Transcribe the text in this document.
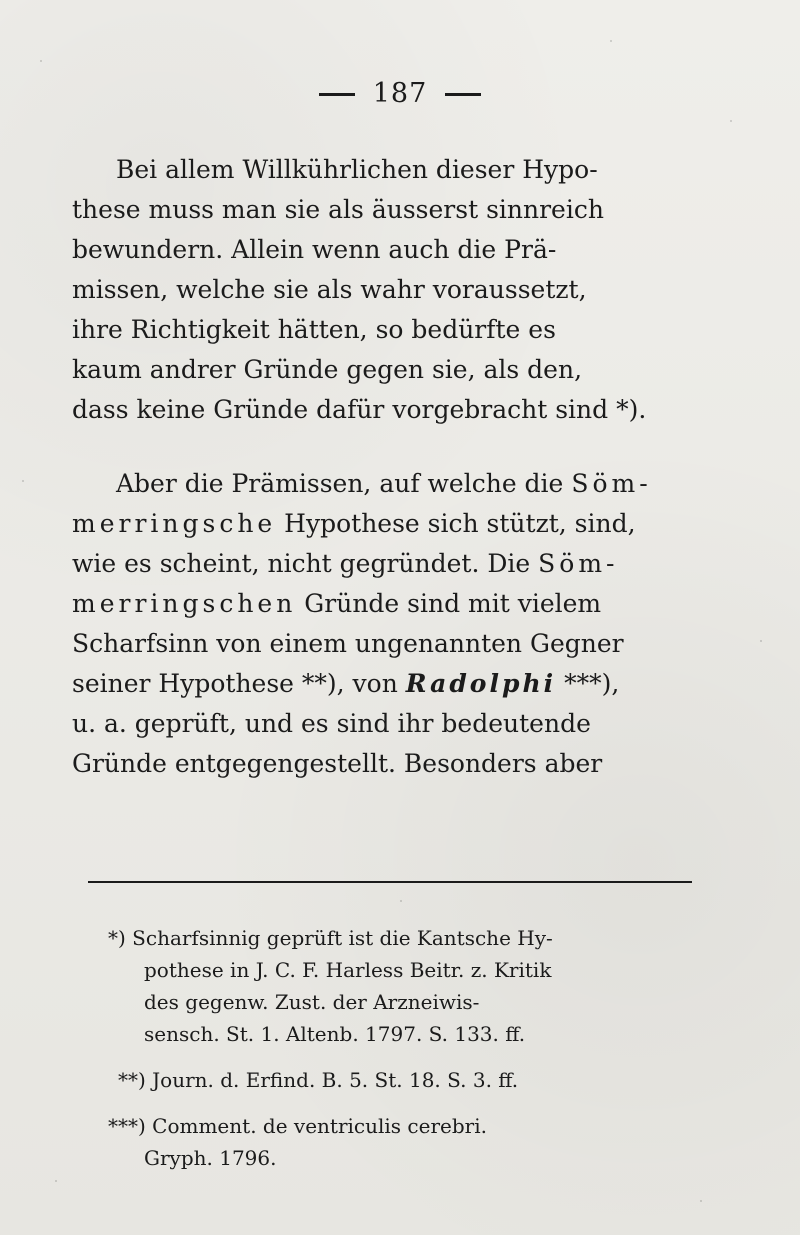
187
Bei allem Willkührlichen dieser Hypo-
these muss man sie als äusserst sinnreich
bewundern. Allein wenn auch die Prä-
missen, welche sie als wahr voraussetzt,
ihre Richtigkeit hätten, so bedürfte es
kaum andrer Gründe gegen sie, als den,
dass keine Gründe dafür vorgebracht sind *).
Aber die Prämissen, auf welche die Söm-
merringsche Hypothese sich stützt, sind,
wie es scheint, nicht gegründet. Die Söm-
merringschen Gründe sind mit vielem
Scharfsinn von einem ungenannten Gegner
seiner Hypothese **), von Radolphi ***),
u. a. geprüft, und es sind ihr bedeutende
Gründe entgegengestellt. Besonders aber
*) Scharfsinnig geprüft ist die Kantsche Hy-
pothese in J. C. F. Harless Beitr. z. Kritik
des gegenw. Zust. der Arzneiwis-
sensch. St. 1. Altenb. 1797. S. 133. ff.
**) Journ. d. Erfind. B. 5. St. 18. S. 3. ff.
***) Comment. de ventriculis cerebri.
Gryph. 1796.
